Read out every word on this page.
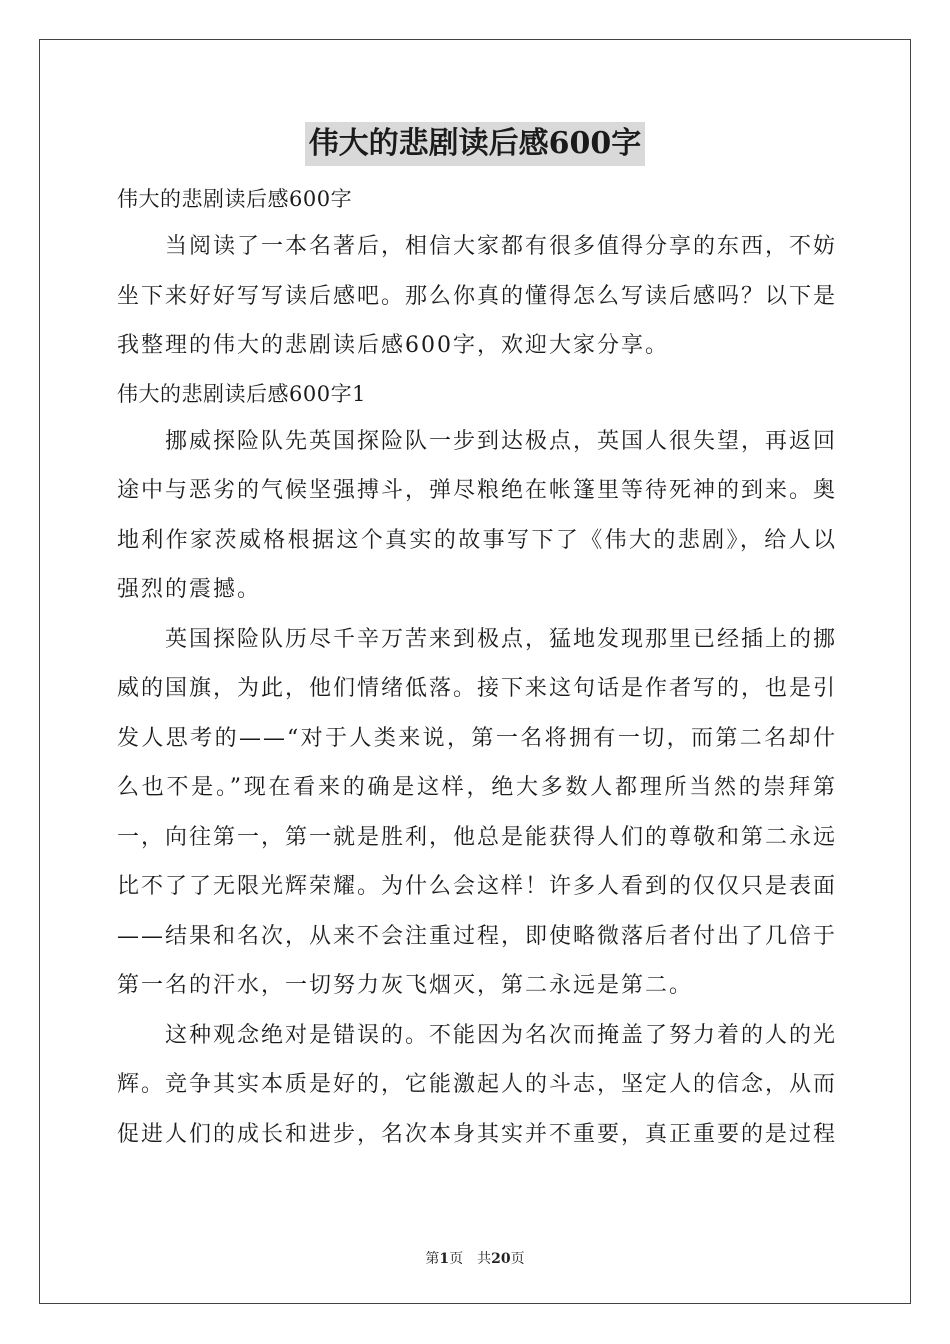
伟大的悲剧读后感600字

伟大的悲剧读后感600字

当阅读了一本名著后，相信大家都有很多值得分享的东西，不妨坐下来好好写写读后感吧。那么你真的懂得怎么写读后感吗？以下是我整理的伟大的悲剧读后感600字，欢迎大家分享。

伟大的悲剧读后感600字1

挪威探险队先英国探险队一步到达极点，英国人很失望，再返回途中与恶劣的气候坚强搏斗，弹尽粮绝在帐篷里等待死神的到来。奥地利作家茨威格根据这个真实的故事写下了《伟大的悲剧》，给人以强烈的震撼。

英国探险队历尽千辛万苦来到极点，猛地发现那里已经插上的挪威的国旗，为此，他们情绪低落。接下来这句话是作者写的，也是引发人思考的——“对于人类来说，第一名将拥有一切，而第二名却什么也不是。”现在看来的确是这样，绝大多数人都理所当然的崇拜第一，向往第一，第一就是胜利，他总是能获得人们的尊敬和第二永远比不了了无限光辉荣耀。为什么会这样！许多人看到的仅仅只是表面——结果和名次，从来不会注重过程，即使略微落后者付出了几倍于第一名的汗水，一切努力灰飞烟灭，第二永远是第二。

这种观念绝对是错误的。不能因为名次而掩盖了努力着的人的光辉。竞争其实本质是好的，它能激起人的斗志，坚定人的信念，从而促进人们的成长和进步，名次本身其实并不重要，真正重要的是过程

第1页　共20页
